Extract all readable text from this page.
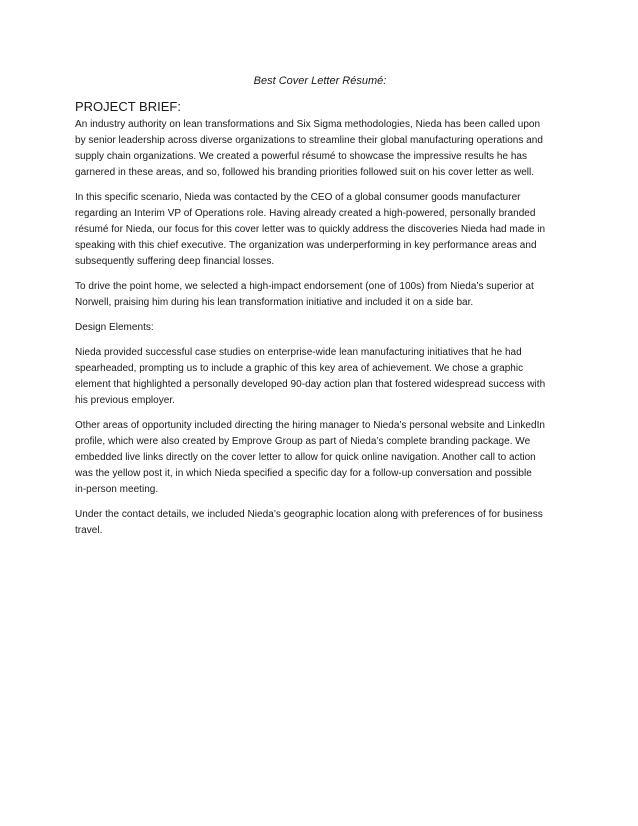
Best Cover Letter Résumé:
PROJECT BRIEF:
An industry authority on lean transformations and Six Sigma methodologies, Nieda has been called upon
by senior leadership across diverse organizations to streamline their global manufacturing operations and
supply chain organizations. We created a powerful résumé to showcase the impressive results he has
garnered in these areas, and so, followed his branding priorities followed suit on his cover letter as well.
In this specific scenario, Nieda was contacted by the CEO of a global consumer goods manufacturer
regarding an Interim VP of Operations role. Having already created a high-powered, personally branded
résumé for Nieda, our focus for this cover letter was to quickly address the discoveries Nieda had made in
speaking with this chief executive. The organization was underperforming in key performance areas and
subsequently suffering deep financial losses.
To drive the point home, we selected a high-impact endorsement (one of 100s) from Nieda’s superior at
Norwell, praising him during his lean transformation initiative and included it on a side bar.
Design Elements:
Nieda provided successful case studies on enterprise-wide lean manufacturing initiatives that he had
spearheaded, prompting us to include a graphic of this key area of achievement. We chose a graphic
element that highlighted a personally developed 90-day action plan that fostered widespread success with
his previous employer.
Other areas of opportunity included directing the hiring manager to Nieda’s personal website and LinkedIn
profile, which were also created by Emprove Group as part of Nieda’s complete branding package. We
embedded live links directly on the cover letter to allow for quick online navigation. Another call to action
was the yellow post it, in which Nieda specified a specific day for a follow-up conversation and possible
in-person meeting.
Under the contact details, we included Nieda’s geographic location along with preferences of for business
travel.
